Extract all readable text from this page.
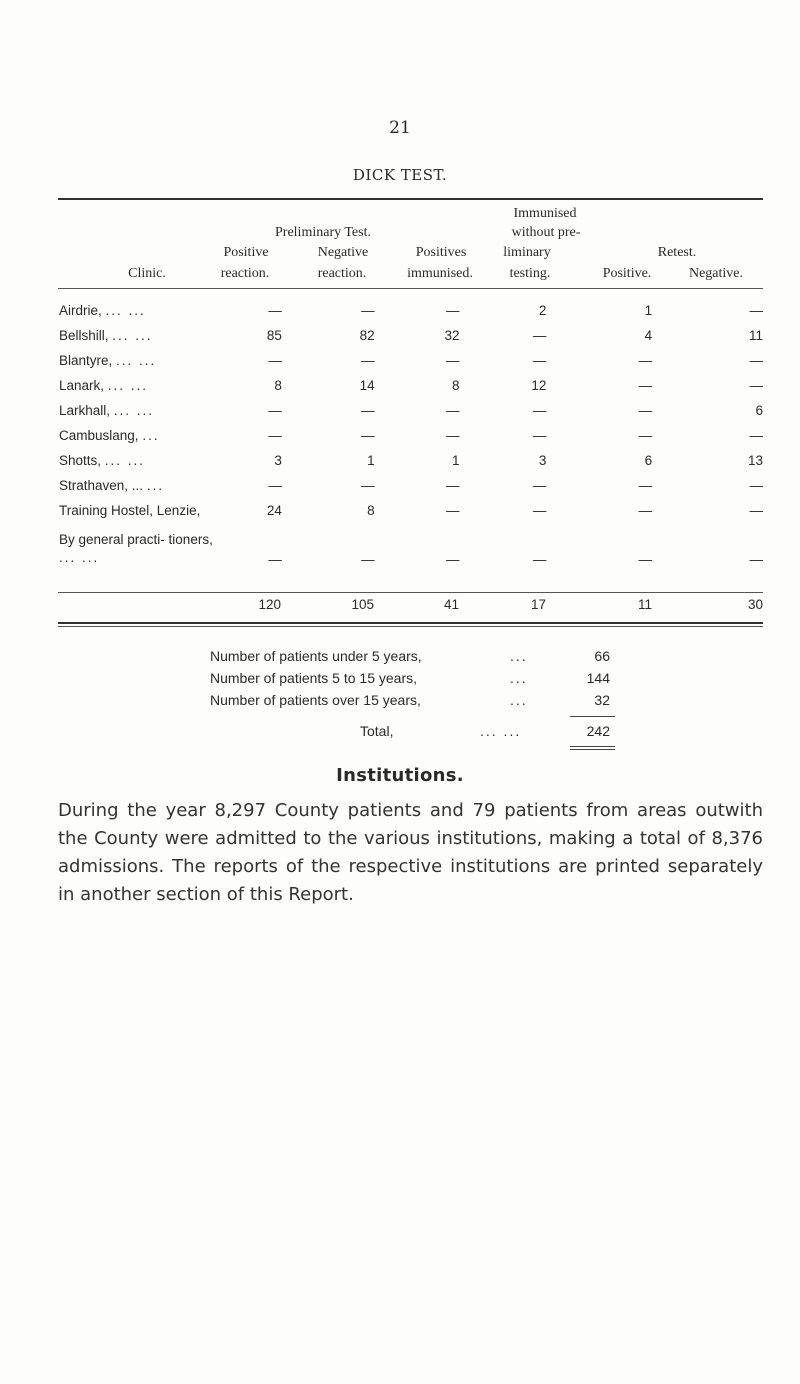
21
DICK TEST.
Immunised
Preliminary Test.	without pre-
Positive	Negative	Positives	liminary	Retest.
Clinic.	reaction.	reaction.	immunised.	testing.	Positive.	Negative.
Airdrie, ... ...	—	—	—	2	1	—
Bellshill, ... ...	85	82	32	—	4	11
Blantyre, ... ...	—	—	—	—	—	—
Lanark, ... ...	8	14	8	12	—	—
Larkhall, ... ...	—	—	—	—	—	6
Cambuslang, ...	—	—	—	—	—	—
Shotts, ... ...	3	1	1	3	6	13
Strathaven, ... ...	—	—	—	—	—	—
Training Hostel, Lenzie,	24	8	—	—	—	—
By general practi- tioners, ... ...	—	—	—	—	—	—
	120	105	41	17	11	30
Number of patients under 5 years,	...	66
Number of patients 5 to 15 years,	...	144
Number of patients over 15 years,	...	32
Total,	... ...	242
Institutions.
During the year 8,297 County patients and 79 patients from areas outwith the County were admitted to the various institutions, making a total of 8,376 admissions. The reports of the respective institutions are printed separately in another section of this Report.
